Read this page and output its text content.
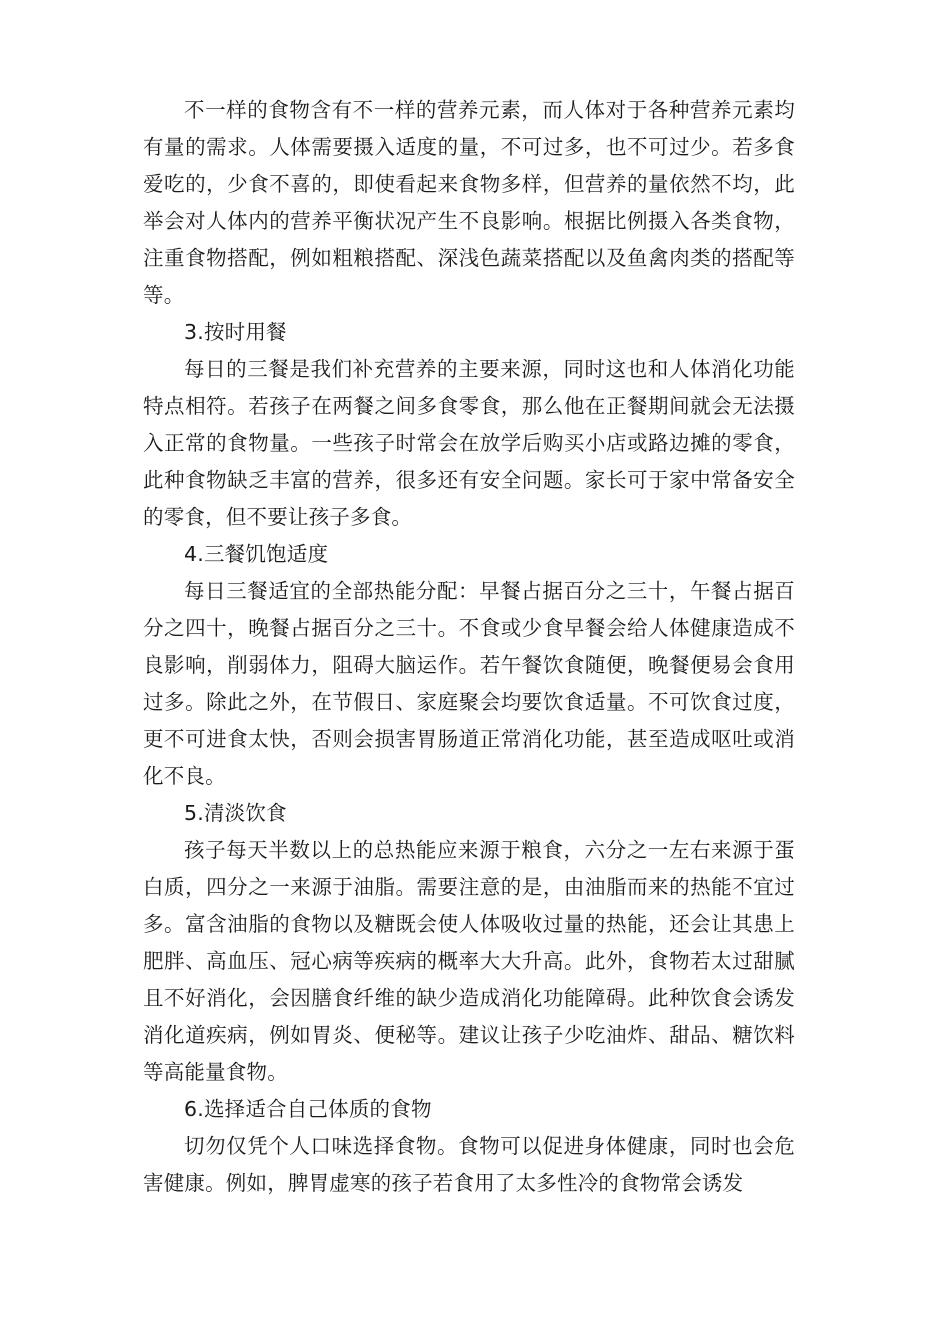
不一样的食物含有不一样的营养元素，而人体对于各种营养元素均有量的需求。人体需要摄入适度的量，不可过多，也不可过少。若多食爱吃的，少食不喜的，即使看起来食物多样，但营养的量依然不均，此举会对人体内的营养平衡状况产生不良影响。根据比例摄入各类食物，注重食物搭配，例如粗粮搭配、深浅色蔬菜搭配以及鱼禽肉类的搭配等等。

3.按时用餐

每日的三餐是我们补充营养的主要来源，同时这也和人体消化功能特点相符。若孩子在两餐之间多食零食，那么他在正餐期间就会无法摄入正常的食物量。一些孩子时常会在放学后购买小店或路边摊的零食，此种食物缺乏丰富的营养，很多还有安全问题。家长可于家中常备安全的零食，但不要让孩子多食。

4.三餐饥饱适度

每日三餐适宜的全部热能分配：早餐占据百分之三十，午餐占据百分之四十，晚餐占据百分之三十。不食或少食早餐会给人体健康造成不良影响，削弱体力，阻碍大脑运作。若午餐饮食随便，晚餐便易会食用过多。除此之外，在节假日、家庭聚会均要饮食适量。不可饮食过度，更不可进食太快，否则会损害胃肠道正常消化功能，甚至造成呕吐或消化不良。

5.清淡饮食

孩子每天半数以上的总热能应来源于粮食，六分之一左右来源于蛋白质，四分之一来源于油脂。需要注意的是，由油脂而来的热能不宜过多。富含油脂的食物以及糖既会使人体吸收过量的热能，还会让其患上肥胖、高血压、冠心病等疾病的概率大大升高。此外，食物若太过甜腻且不好消化，会因膳食纤维的缺少造成消化功能障碍。此种饮食会诱发消化道疾病，例如胃炎、便秘等。建议让孩子少吃油炸、甜品、糖饮料等高能量食物。

6.选择适合自己体质的食物

切勿仅凭个人口味选择食物。食物可以促进身体健康，同时也会危害健康。例如，脾胃虚寒的孩子若食用了太多性冷的食物常会诱发
